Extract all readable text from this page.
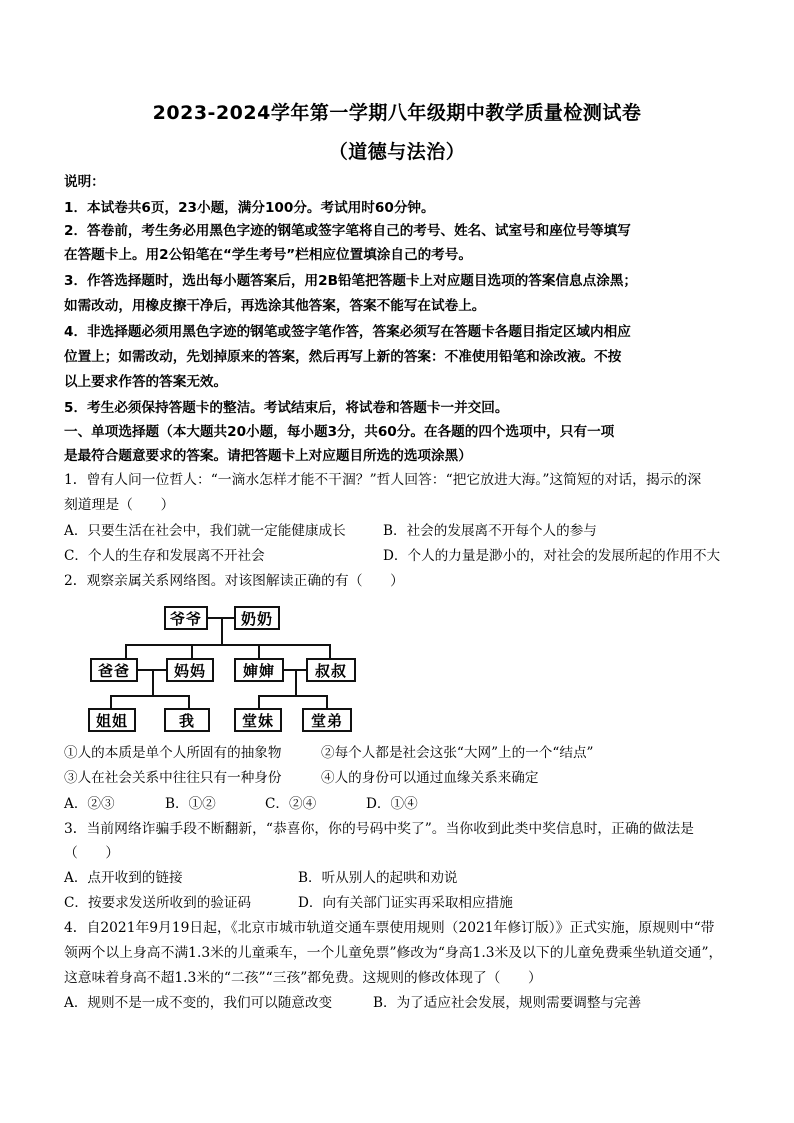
2023-2024学年第一学期八年级期中教学质量检测试卷
（道德与法治）
说明：
1．本试卷共6页，23小题，满分100分。考试用时60分钟。
2．答卷前，考生务必用黑色字迹的钢笔或签字笔将自己的考号、姓名、试室号和座位号等填写
在答题卡上。用2公铅笔在“学生考号”栏相应位置填涂自己的考号。
3．作答选择题时，选出每小题答案后，用2B铅笔把答题卡上对应题目选项的答案信息点涂黑；
如需改动，用橡皮擦干净后，再选涂其他答案，答案不能写在试卷上。
4．非选择题必须用黑色字迹的钢笔或签字笔作答，答案必须写在答题卡各题目指定区域内相应
位置上；如需改动，先划掉原来的答案，然后再写上新的答案：不准使用铅笔和涂改液。不按
以上要求作答的答案无效。
5．考生必须保持答题卡的整洁。考试结束后，将试卷和答题卡一并交回。
一、单项选择题（本大题共20小题，每小题3分，共60分。在各题的四个选项中，只有一项
是最符合题意要求的答案。请把答题卡上对应题目所选的选项涂黑）
1．曾有人问一位哲人：“一滴水怎样才能不干涸？”哲人回答：“把它放进大海。”这简短的对话，揭示的深
刻道理是（　　）
A．只要生活在社会中，我们就一定能健康成长	B．社会的发展离不开每个人的参与
C．个人的生存和发展离不开社会	D．个人的力量是渺小的，对社会的发展所起的作用不大
2．观察亲属关系网络图。对该图解读正确的有（　　）
爷爷	奶奶
爸爸	妈妈	婶婶	叔叔
姐姐	我	堂妹	堂弟
①人的本质是单个人所固有的抽象物	②每个人都是社会这张“大网”上的一个“结点”
③人在社会关系中往往只有一种身份	④人的身份可以通过血缘关系来确定
A．②③	B．①②	C．②④	D．①④
3．当前网络诈骗手段不断翻新，“恭喜你，你的号码中奖了”。当你收到此类中奖信息时，正确的做法是
（　　）
A．点开收到的链接	B．听从别人的起哄和劝说
C．按要求发送所收到的验证码	D．向有关部门证实再采取相应措施
4．自2021年9月19日起，《北京市城市轨道交通车票使用规则（2021年修订版）》正式实施，原规则中“带
领两个以上身高不满1.3米的儿童乘车，一个儿童免票”修改为“身高1.3米及以下的儿童免费乘坐轨道交通”，
这意味着身高不超1.3米的“二孩”“三孩”都免费。这规则的修改体现了（　　）
A．规则不是一成不变的，我们可以随意改变	B．为了适应社会发展，规则需要调整与完善
